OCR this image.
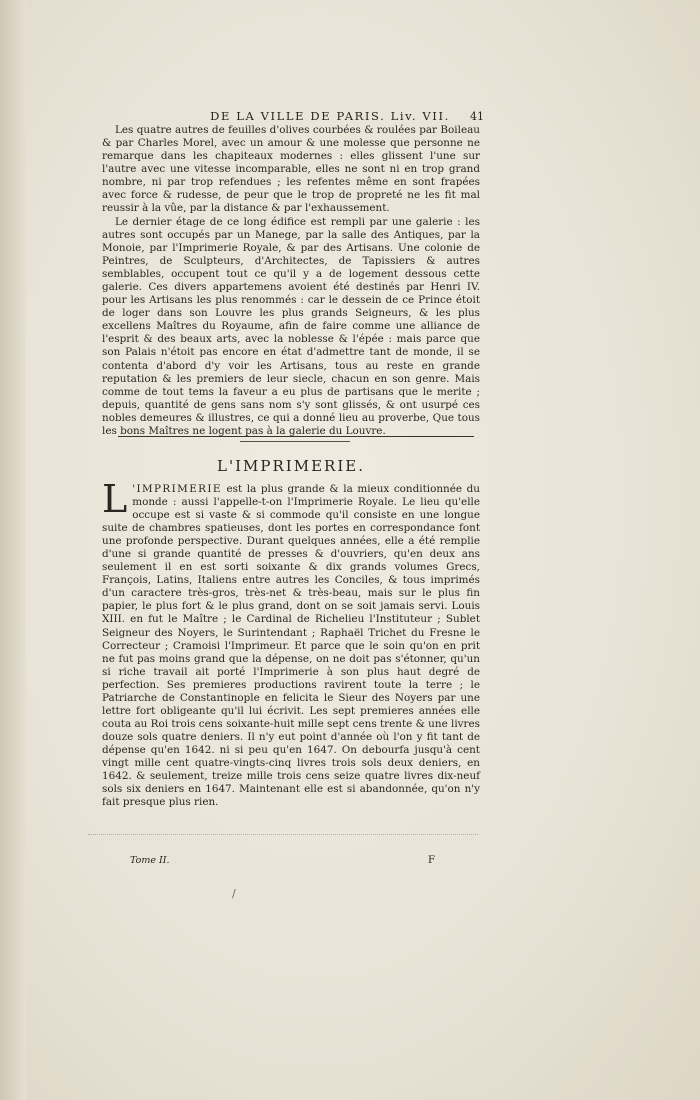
DE LA VILLE DE PARIS. Liv. VII.	41

Les quatre autres de feuilles d'olives courbées & roulées par Boileau & par Charles Morel, avec un amour & une molesse que personne ne remarque dans les chapiteaux modernes : elles glissent l'une sur l'autre avec une vitesse incomparable, elles ne sont ni en trop grand nombre, ni par trop refendues ; les refentes même en sont frapées avec force & rudesse, de peur que le trop de propreté ne les fit mal reussir à la vûe, par la distance & par l'exhaussement.

Le dernier étage de ce long édifice est rempli par une galerie : les autres sont occupés par un Manege, par la salle des Antiques, par la Monoie, par l'Imprimerie Royale, & par des Artisans. Une colonie de Peintres, de Sculpteurs, d'Architectes, de Tapissiers & autres semblables, occupent tout ce qu'il y a de logement dessous cette galerie. Ces divers appartemens avoient été destinés par Henri IV. pour les Artisans les plus renommés : car le dessein de ce Prince étoit de loger dans son Louvre les plus grands Seigneurs, & les plus excellens Maîtres du Royaume, afin de faire comme une alliance de l'esprit & des beaux arts, avec la noblesse & l'épée : mais parce que son Palais n'étoit pas encore en état d'admettre tant de monde, il se contenta d'abord d'y voir les Artisans, tous au reste en grande reputation & les premiers de leur siecle, chacun en son genre. Mais comme de tout tems la faveur a eu plus de partisans que le merite ; depuis, quantité de gens sans nom s'y sont glissés, & ont usurpé ces nobles demeures & illustres, ce qui a donné lieu au proverbe, Que tous les bons Maîtres ne logent pas à la galerie du Louvre.

L'IMPRIMERIE.

L 'IMPRIMERIE est la plus grande & la mieux conditionnée du monde : aussi l'appelle-t-on l'Imprimerie Royale. Le lieu qu'elle occupe est si vaste & si commode qu'il consiste en une longue suite de chambres spatieuses, dont les portes en correspondance font une profonde perspective. Durant quelques années, elle a été remplie d'une si grande quantité de presses & d'ouvriers, qu'en deux ans seulement il en est sorti soixante & dix grands volumes Grecs, François, Latins, Italiens entre autres les Conciles, & tous imprimés d'un caractere très-gros, très-net & très-beau, mais sur le plus fin papier, le plus fort & le plus grand, dont on se soit jamais servi. Louis XIII. en fut le Maître ; le Cardinal de Richelieu l'Instituteur ; Sublet Seigneur des Noyers, le Surintendant ; Raphaël Trichet du Fresne le Correcteur ; Cramoisi l'Imprimeur. Et parce que le soin qu'on en prit ne fut pas moins grand que la dépense, on ne doit pas s'étonner, qu'un si riche travail ait porté l'Imprimerie à son plus haut degré de perfection. Ses premieres productions ravirent toute la terre ; le Patriarche de Constantinople en felicita le Sieur des Noyers par une lettre fort obligeante qu'il lui écrivit. Les sept premieres années elle couta au Roi trois cens soixante-huit mille sept cens trente & une livres douze sols quatre deniers. Il n'y eut point d'année où l'on y fit tant de dépense qu'en 1642. ni si peu qu'en 1647. On debourfa jusqu'à cent vingt mille cent quatre-vingts-cinq livres trois sols deux deniers, en 1642. & seulement, treize mille trois cens seize quatre livres dix-neuf sols six deniers en 1647. Maintenant elle est si abandonnée, qu'on n'y fait presque plus rien.

Tome II.	F
/
